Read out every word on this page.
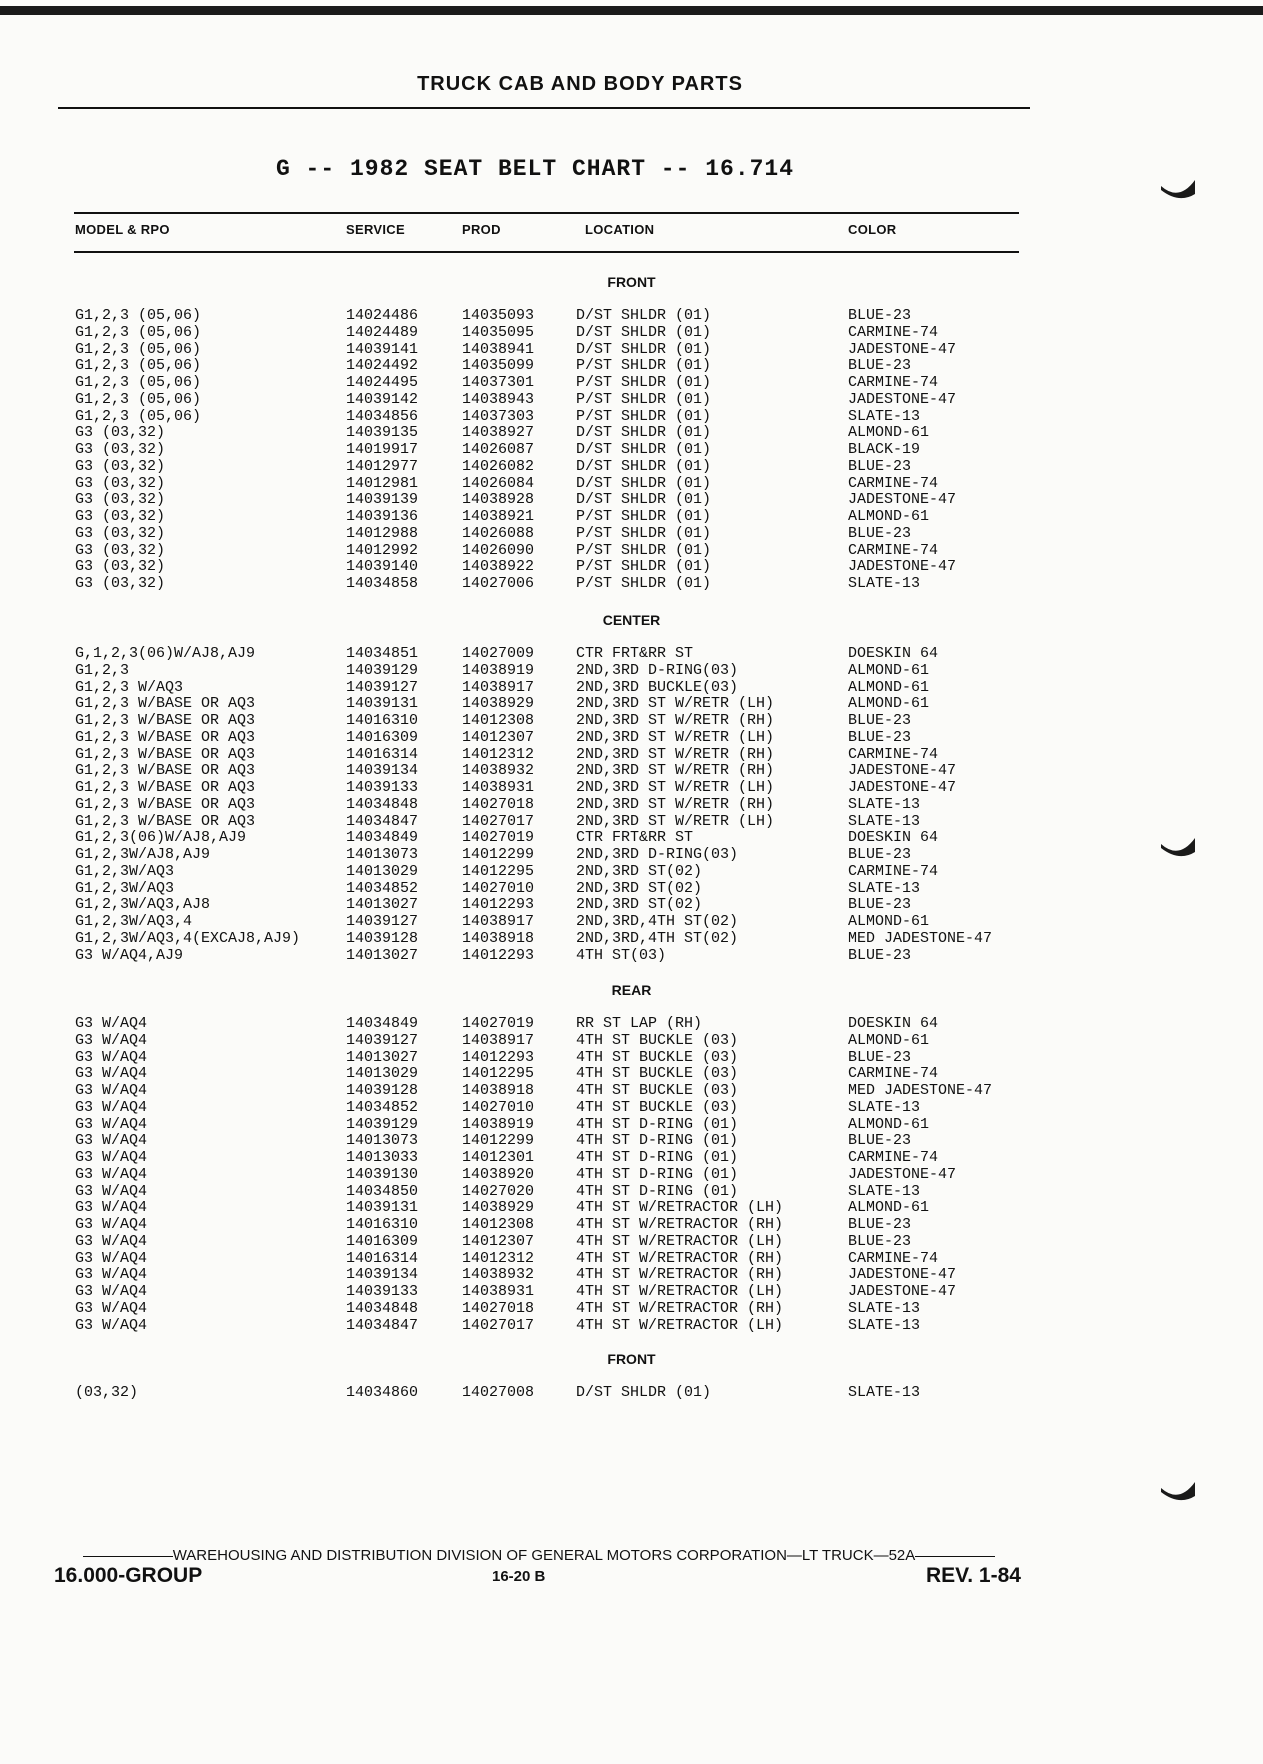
TRUCK CAB AND BODY PARTS
G -- 1982 SEAT BELT CHART -- 16.714
MODEL & RPO	SERVICE	PROD	LOCATION	COLOR
FRONT
G1,2,3 (05,06)	14024486	14035093	D/ST SHLDR (01)	BLUE-23
G1,2,3 (05,06)	14024489	14035095	D/ST SHLDR (01)	CARMINE-74
G1,2,3 (05,06)	14039141	14038941	D/ST SHLDR (01)	JADESTONE-47
G1,2,3 (05,06)	14024492	14035099	P/ST SHLDR (01)	BLUE-23
G1,2,3 (05,06)	14024495	14037301	P/ST SHLDR (01)	CARMINE-74
G1,2,3 (05,06)	14039142	14038943	P/ST SHLDR (01)	JADESTONE-47
G1,2,3 (05,06)	14034856	14037303	P/ST SHLDR (01)	SLATE-13
G3 (03,32)	14039135	14038927	D/ST SHLDR (01)	ALMOND-61
G3 (03,32)	14019917	14026087	D/ST SHLDR (01)	BLACK-19
G3 (03,32)	14012977	14026082	D/ST SHLDR (01)	BLUE-23
G3 (03,32)	14012981	14026084	D/ST SHLDR (01)	CARMINE-74
G3 (03,32)	14039139	14038928	D/ST SHLDR (01)	JADESTONE-47
G3 (03,32)	14039136	14038921	P/ST SHLDR (01)	ALMOND-61
G3 (03,32)	14012988	14026088	P/ST SHLDR (01)	BLUE-23
G3 (03,32)	14012992	14026090	P/ST SHLDR (01)	CARMINE-74
G3 (03,32)	14039140	14038922	P/ST SHLDR (01)	JADESTONE-47
G3 (03,32)	14034858	14027006	P/ST SHLDR (01)	SLATE-13
CENTER
G,1,2,3(06)W/AJ8,AJ9	14034851	14027009	CTR FRT&RR ST	DOESKIN 64
G1,2,3	14039129	14038919	2ND,3RD D-RING(03)	ALMOND-61
G1,2,3 W/AQ3	14039127	14038917	2ND,3RD BUCKLE(03)	ALMOND-61
G1,2,3 W/BASE OR AQ3	14039131	14038929	2ND,3RD ST W/RETR (LH)	ALMOND-61
G1,2,3 W/BASE OR AQ3	14016310	14012308	2ND,3RD ST W/RETR (RH)	BLUE-23
G1,2,3 W/BASE OR AQ3	14016309	14012307	2ND,3RD ST W/RETR (LH)	BLUE-23
G1,2,3 W/BASE OR AQ3	14016314	14012312	2ND,3RD ST W/RETR (RH)	CARMINE-74
G1,2,3 W/BASE OR AQ3	14039134	14038932	2ND,3RD ST W/RETR (RH)	JADESTONE-47
G1,2,3 W/BASE OR AQ3	14039133	14038931	2ND,3RD ST W/RETR (LH)	JADESTONE-47
G1,2,3 W/BASE OR AQ3	14034848	14027018	2ND,3RD ST W/RETR (RH)	SLATE-13
G1,2,3 W/BASE OR AQ3	14034847	14027017	2ND,3RD ST W/RETR (LH)	SLATE-13
G1,2,3(06)W/AJ8,AJ9	14034849	14027019	CTR FRT&RR ST	DOESKIN 64
G1,2,3W/AJ8,AJ9	14013073	14012299	2ND,3RD D-RING(03)	BLUE-23
G1,2,3W/AQ3	14013029	14012295	2ND,3RD ST(02)	CARMINE-74
G1,2,3W/AQ3	14034852	14027010	2ND,3RD ST(02)	SLATE-13
G1,2,3W/AQ3,AJ8	14013027	14012293	2ND,3RD ST(02)	BLUE-23
G1,2,3W/AQ3,4	14039127	14038917	2ND,3RD,4TH ST(02)	ALMOND-61
G1,2,3W/AQ3,4(EXCAJ8,AJ9)	14039128	14038918	2ND,3RD,4TH ST(02)	MED JADESTONE-47
G3 W/AQ4,AJ9	14013027	14012293	4TH ST(03)	BLUE-23
REAR
G3 W/AQ4	14034849	14027019	RR ST LAP (RH)	DOESKIN 64
G3 W/AQ4	14039127	14038917	4TH ST BUCKLE (03)	ALMOND-61
G3 W/AQ4	14013027	14012293	4TH ST BUCKLE (03)	BLUE-23
G3 W/AQ4	14013029	14012295	4TH ST BUCKLE (03)	CARMINE-74
G3 W/AQ4	14039128	14038918	4TH ST BUCKLE (03)	MED JADESTONE-47
G3 W/AQ4	14034852	14027010	4TH ST BUCKLE (03)	SLATE-13
G3 W/AQ4	14039129	14038919	4TH ST D-RING (01)	ALMOND-61
G3 W/AQ4	14013073	14012299	4TH ST D-RING (01)	BLUE-23
G3 W/AQ4	14013033	14012301	4TH ST D-RING (01)	CARMINE-74
G3 W/AQ4	14039130	14038920	4TH ST D-RING (01)	JADESTONE-47
G3 W/AQ4	14034850	14027020	4TH ST D-RING (01)	SLATE-13
G3 W/AQ4	14039131	14038929	4TH ST W/RETRACTOR (LH)	ALMOND-61
G3 W/AQ4	14016310	14012308	4TH ST W/RETRACTOR (RH)	BLUE-23
G3 W/AQ4	14016309	14012307	4TH ST W/RETRACTOR (LH)	BLUE-23
G3 W/AQ4	14016314	14012312	4TH ST W/RETRACTOR (RH)	CARMINE-74
G3 W/AQ4	14039134	14038932	4TH ST W/RETRACTOR (RH)	JADESTONE-47
G3 W/AQ4	14039133	14038931	4TH ST W/RETRACTOR (LH)	JADESTONE-47
G3 W/AQ4	14034848	14027018	4TH ST W/RETRACTOR (RH)	SLATE-13
G3 W/AQ4	14034847	14027017	4TH ST W/RETRACTOR (LH)	SLATE-13
FRONT
(03,32)	14034860	14027008	D/ST SHLDR (01)	SLATE-13
WAREHOUSING AND DISTRIBUTION DIVISION OF GENERAL MOTORS CORPORATION—LT TRUCK—52A
16.000-GROUP	16-20 B	REV. 1-84
